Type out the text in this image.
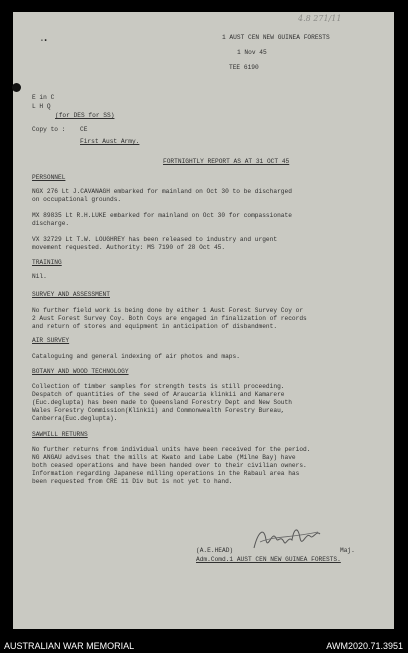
4.8 271/11
-•	1 AUST CEN NEW GUINEA FORESTS
1 Nov 45
TEE 6190
E in C
L H Q
(for DES for SS)
Copy to : CE
First Aust Army.
FORTNIGHTLY REPORT AS AT 31 OCT 45
PERSONNEL
NGX 276 Lt J.CAVANAGH embarked for mainland on Oct 30 to be discharged
on occupational grounds.
MX 89835 Lt R.H.LUKE embarked for mainland on Oct 30 for compassionate
discharge.
VX 32729 Lt T.W. LOUGHREY has been released to industry and urgent
movement requested. Authority: MS 7190 of 28 Oct 45.
TRAINING
Nil.
SURVEY AND ASSESSMENT
No further field work is being done by either 1 Aust Forest Survey Coy or
2 Aust Forest Survey Coy. Both Coys are engaged in finalization of records
and return of stores and equipment in anticipation of disbandment.
AIR SURVEY
Cataloguing and general indexing of air photos and maps.
BOTANY AND WOOD TECHNOLOGY
Collection of timber samples for strength tests is still proceeding.
Despatch of quantities of the seed of Araucaria klinkii and Kamarere
(Euc.deglupta) has been made to Queensland Forestry Dept and New South
Wales Forestry Commission(Klinkii) and Commonwealth Forestry Bureau,
Canberra(Euc.deglupta).
SAWMILL RETURNS
No further returns from individual units have been received for the period.
NG ANGAU advises that the mills at Kwato and Labe Labe (Milne Bay) have
both ceased operations and have been handed over to their civilian owners.
Information regarding Japanese milling operations in the Rabaul area has
been requested from CRE 11 Div but is not yet to hand.
(A.E.HEAD)	Maj.
Adm.Comd.1 AUST CEN NEW GUINEA FORESTS.
AUSTRALIAN WAR MEMORIAL	AWM2020.71.3951
